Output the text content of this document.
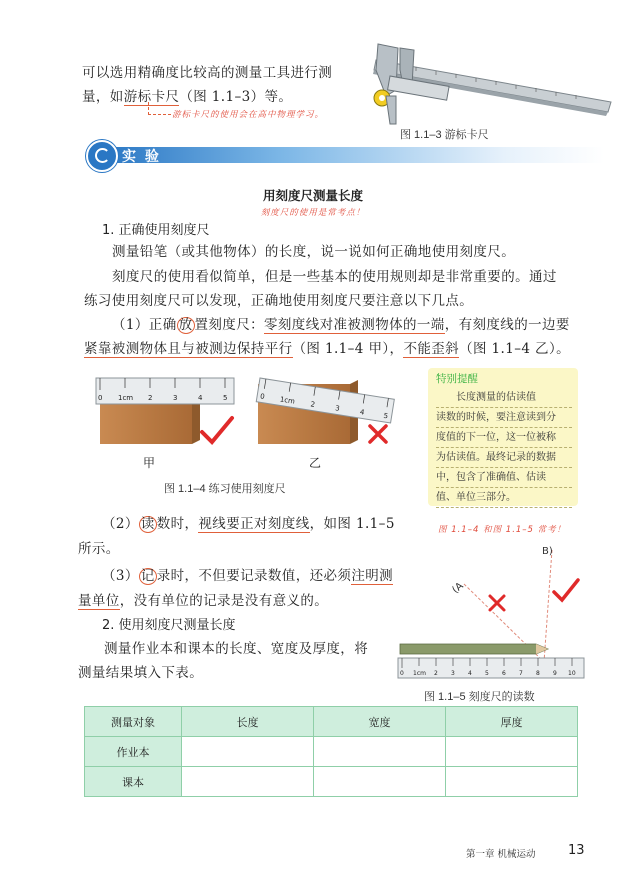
可以选用精确度比较高的测量工具进行测
量，如游标卡尺（图 1.1–3）等。
游标卡尺的使用会在高中物理学习。
图 1.1–3 游标卡尺
实 验
用刻度尺测量长度
刻度尺的使用是常考点！
1. 正确使用刻度尺
测量铅笔（或其他物体）的长度，说一说如何正确地使用刻度尺。
刻度尺的使用看似简单，但是一些基本的使用规则却是非常重要的。通过
练习使用刻度尺可以发现，正确地使用刻度尺要注意以下几点。
（1）正确 放 置刻度尺：零刻度线对准被测物体的一端，有刻度线的一边要
紧靠被测物体且与被测边保持平行（图 1.1–4 甲），不能歪斜（图 1.1–4 乙）。
0 1cm 2	3	4	5	0 1cm 2	3	4	5
甲	乙
图 1.1–4 练习使用刻度尺
特别提醒
长度测量的估读值
读数的时候，要注意读到分
度值的下一位，这一位被称
为估读值。最终记录的数据
中，包含了准确值、估读
值、单位三部分。
图 1.1–4 和图 1.1–5 常考！
（2） 读 数时，视线要正对刻度线，如图 1.1–5
所示。
（3） 记 录时，不但要记录数值，还必须注明测
量单位，没有单位的记录是没有意义的。
2. 使用刻度尺测量长度
测量作业本和课本的长度、宽度及厚度，将
测量结果填入下表。
B)
(A
0 1cm 2 3 4 5 6 7 8 9 10
图 1.1–5 刻度尺的读数
测量对象	长度	宽度	厚度
作业本			
课本			
第一章 机械运动 13
